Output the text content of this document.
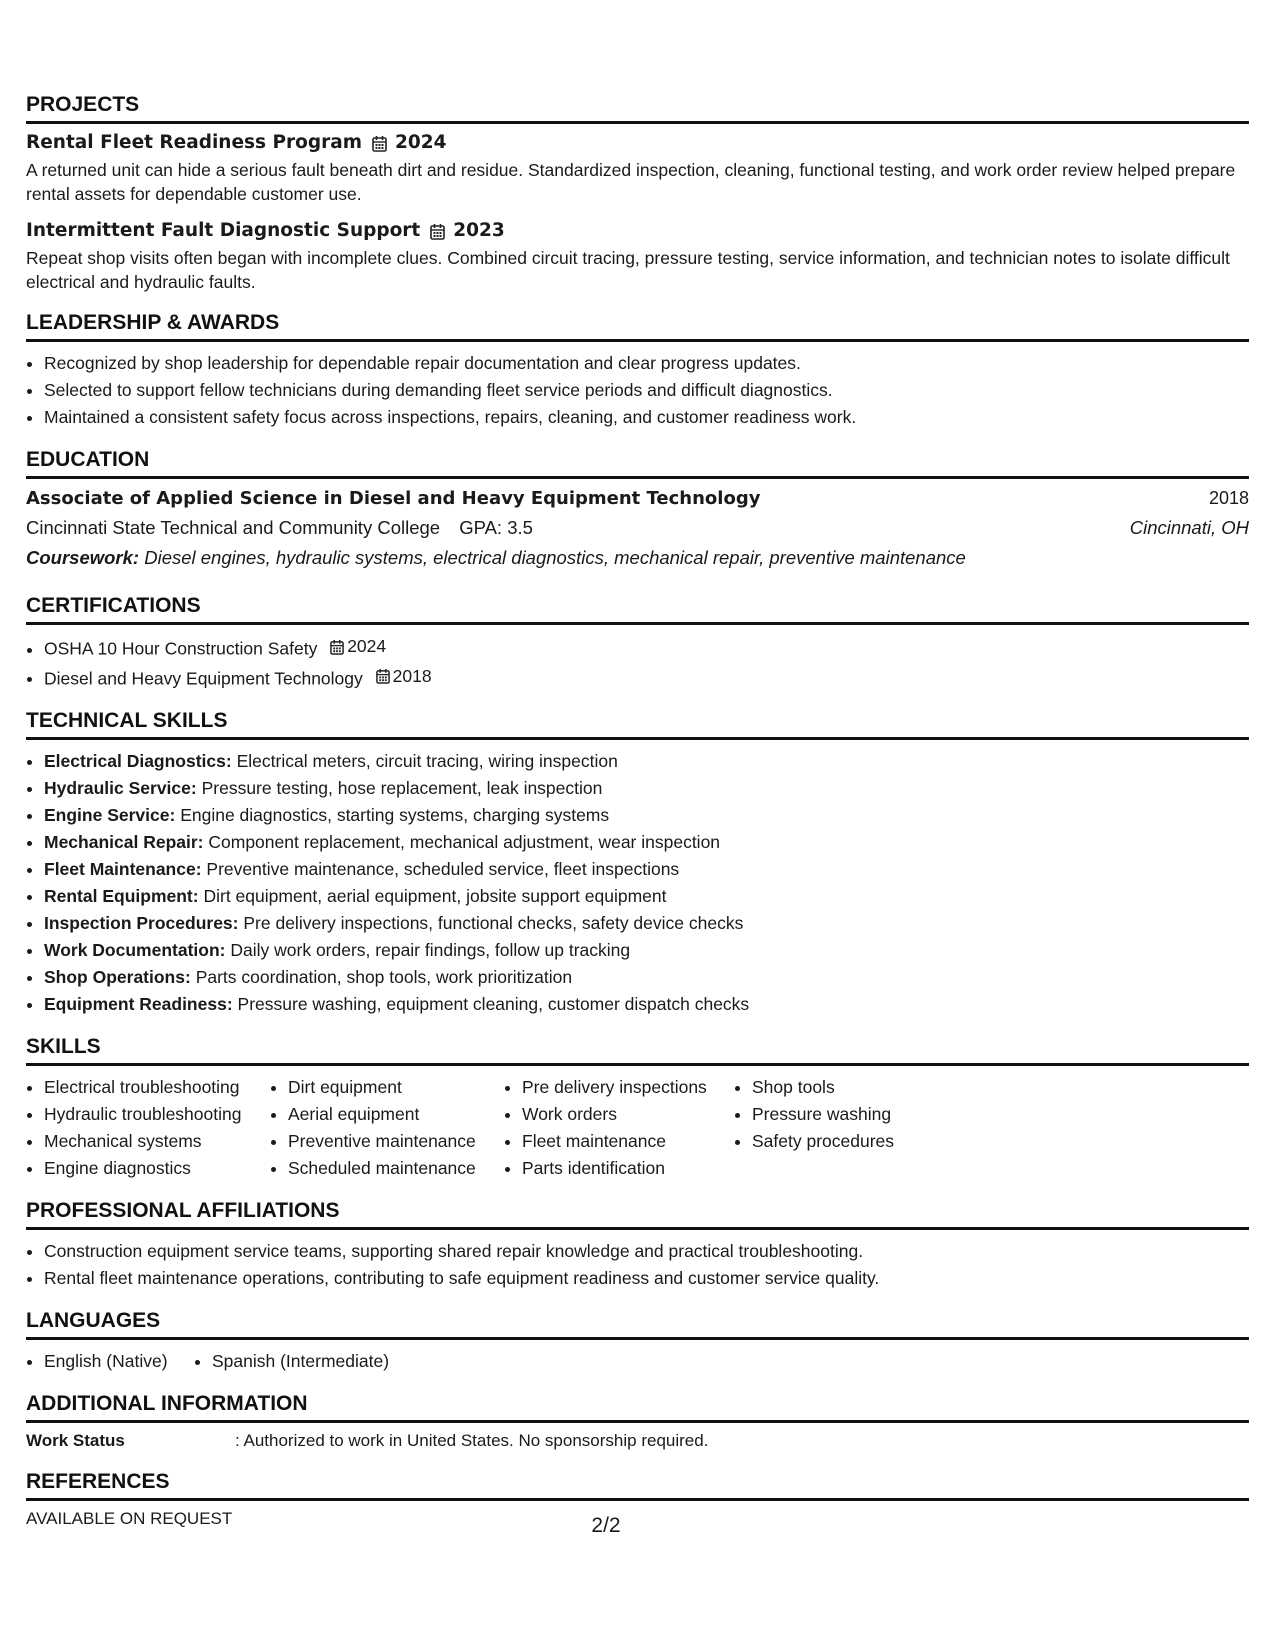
PROJECTS
Rental Fleet Readiness Program 2024
A returned unit can hide a serious fault beneath dirt and residue. Standardized inspection, cleaning, functional testing, and work order review helped prepare rental assets for dependable customer use.
Intermittent Fault Diagnostic Support 2023
Repeat shop visits often began with incomplete clues. Combined circuit tracing, pressure testing, service information, and technician notes to isolate difficult electrical and hydraulic faults.
LEADERSHIP & AWARDS
• Recognized by shop leadership for dependable repair documentation and clear progress updates.
• Selected to support fellow technicians during demanding fleet service periods and difficult diagnostics.
• Maintained a consistent safety focus across inspections, repairs, cleaning, and customer readiness work.
EDUCATION
Associate of Applied Science in Diesel and Heavy Equipment Technology	2018
Cincinnati State Technical and Community College GPA: 3.5	Cincinnati, OH
Coursework: Diesel engines, hydraulic systems, electrical diagnostics, mechanical repair, preventive maintenance
CERTIFICATIONS
• OSHA 10 Hour Construction Safety 2024
• Diesel and Heavy Equipment Technology 2018
TECHNICAL SKILLS
• Electrical Diagnostics: Electrical meters, circuit tracing, wiring inspection
• Hydraulic Service: Pressure testing, hose replacement, leak inspection
• Engine Service: Engine diagnostics, starting systems, charging systems
• Mechanical Repair: Component replacement, mechanical adjustment, wear inspection
• Fleet Maintenance: Preventive maintenance, scheduled service, fleet inspections
• Rental Equipment: Dirt equipment, aerial equipment, jobsite support equipment
• Inspection Procedures: Pre delivery inspections, functional checks, safety device checks
• Work Documentation: Daily work orders, repair findings, follow up tracking
• Shop Operations: Parts coordination, shop tools, work prioritization
• Equipment Readiness: Pressure washing, equipment cleaning, customer dispatch checks
SKILLS
• Electrical troubleshooting
• Hydraulic troubleshooting
• Mechanical systems
• Engine diagnostics
• Dirt equipment
• Aerial equipment
• Preventive maintenance
• Scheduled maintenance
• Pre delivery inspections
• Work orders
• Fleet maintenance
• Parts identification
• Shop tools
• Pressure washing
• Safety procedures
PROFESSIONAL AFFILIATIONS
• Construction equipment service teams, supporting shared repair knowledge and practical troubleshooting.
• Rental fleet maintenance operations, contributing to safe equipment readiness and customer service quality.
LANGUAGES
• English (Native)
•	Spanish (Intermediate)
ADDITIONAL INFORMATION
Work Status	: Authorized to work in United States. No sponsorship required.
REFERENCES
AVAILABLE ON REQUEST	2/2
